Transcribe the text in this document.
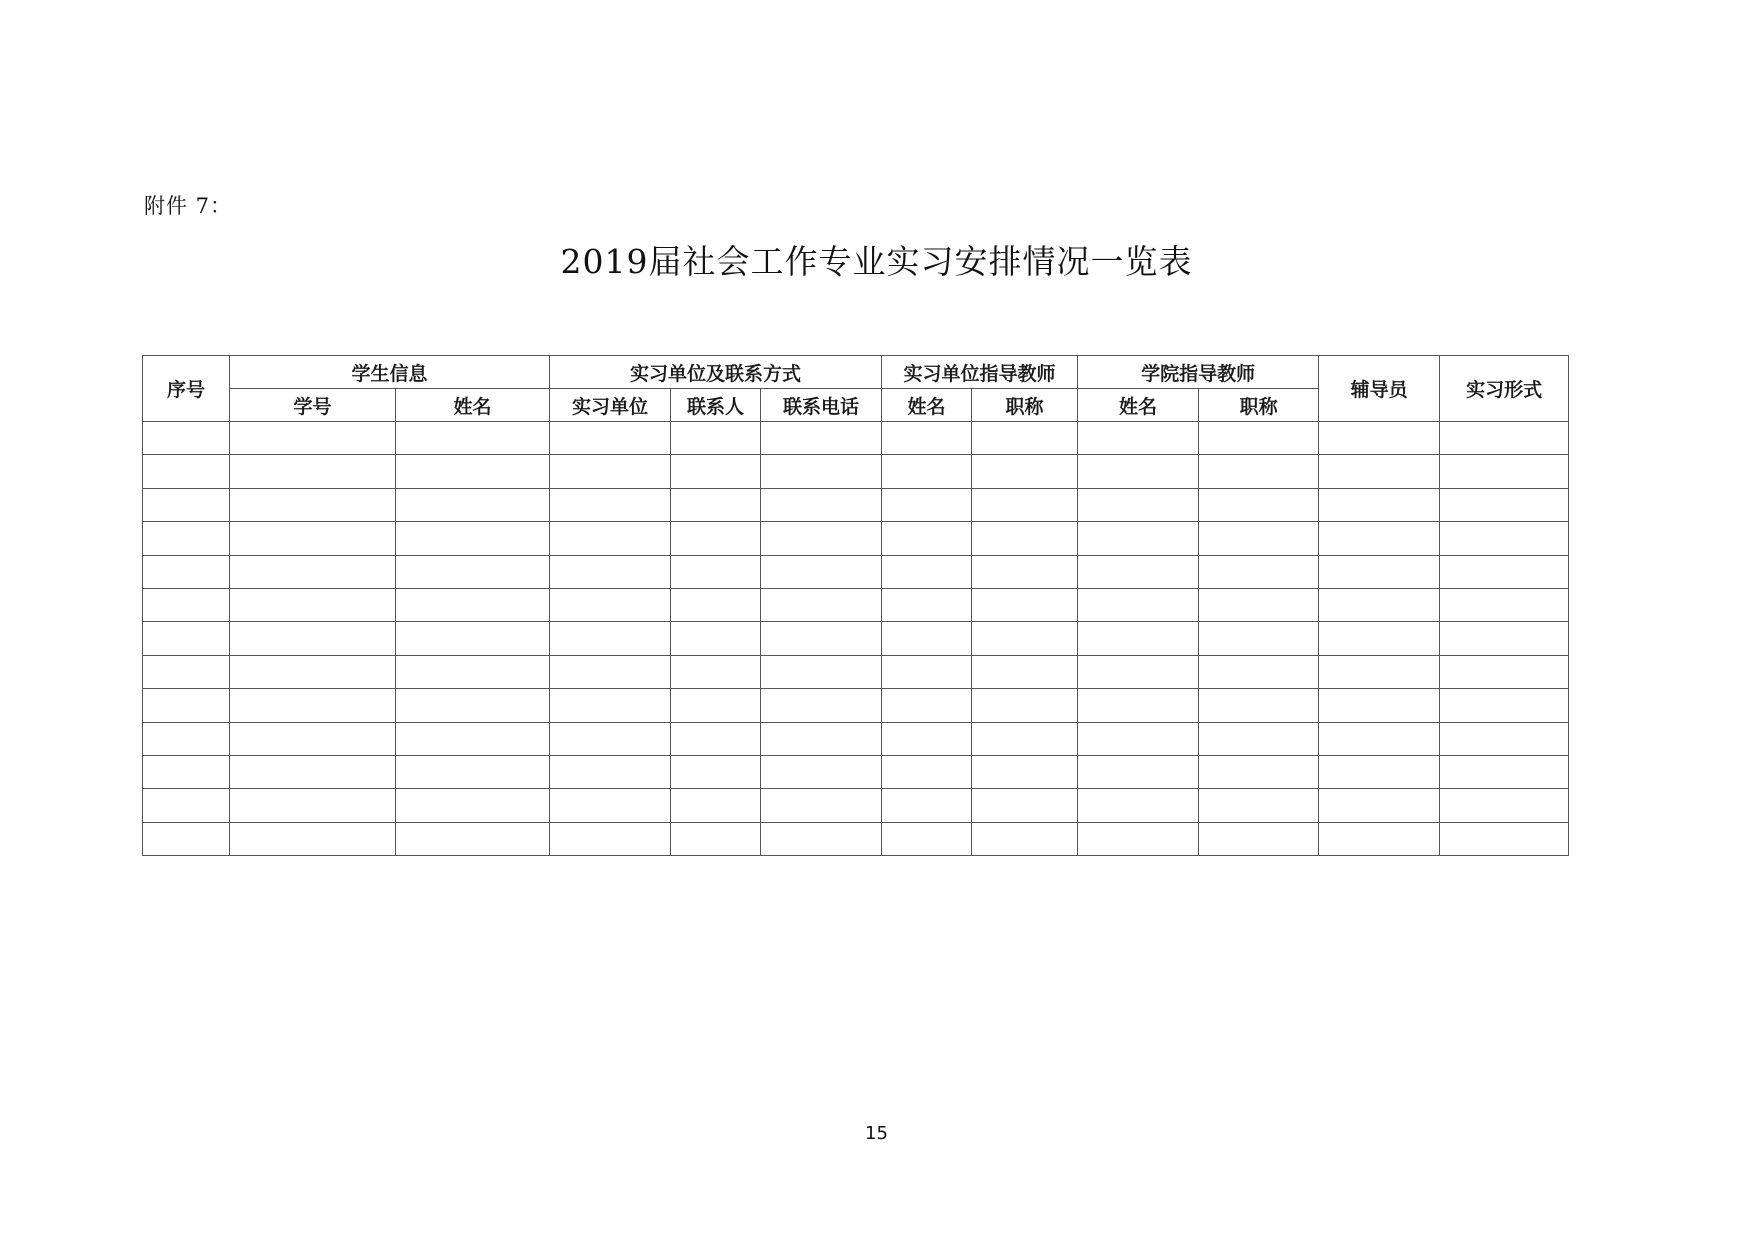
附件 7：
2019届社会工作专业实习安排情况一览表
序号	学生信息		实习单位及联系方式			实习单位指导教师		学院指导教师		辅导员	实习形式
	学号	姓名	实习单位	联系人	联系电话	姓名	职称	姓名	职称		

15
